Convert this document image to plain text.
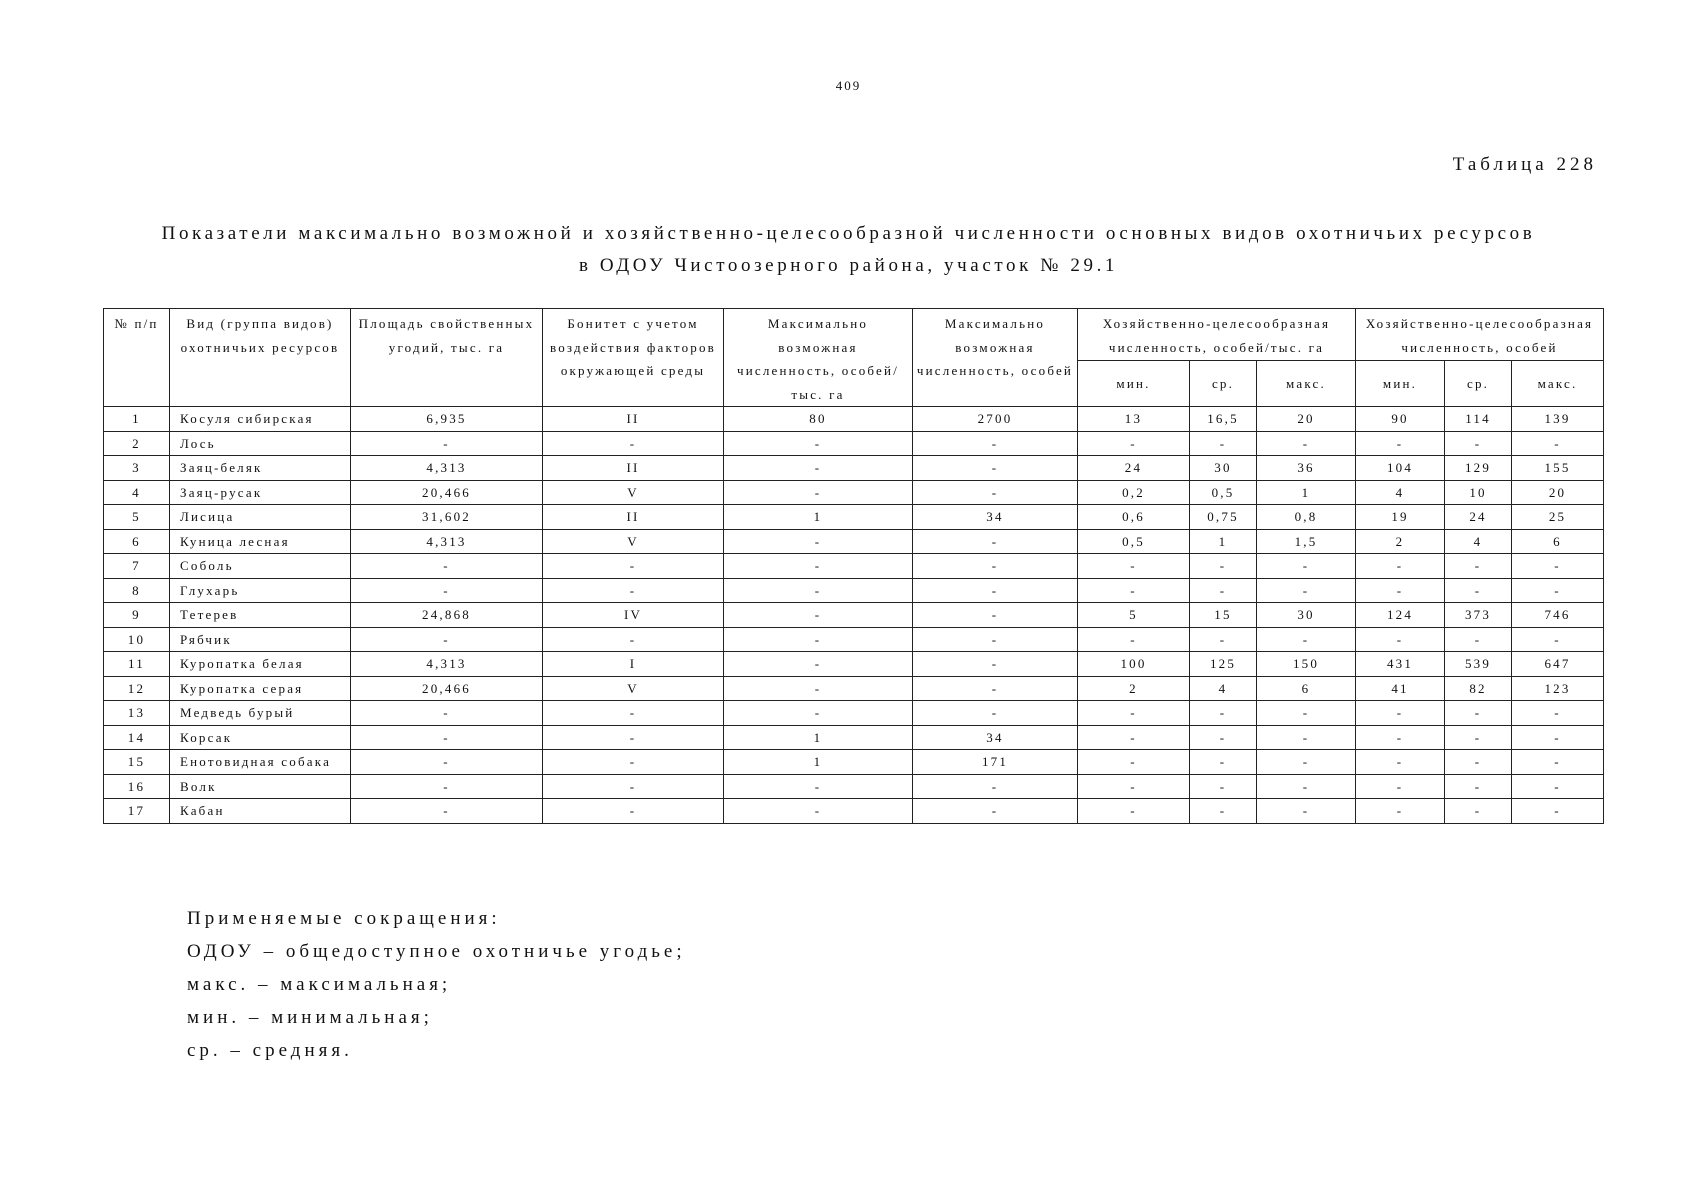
409
Таблица 228
Показатели максимально возможной и хозяйственно-целесообразной численности основных видов охотничьих ресурсов
в ОДОУ Чистоозерного района, участок № 29.1
№ п/п	Вид (группа видов) охотничьих ресурсов	Площадь свойственных угодий, тыс. га	Бонитет с учетом воздействия факторов окружающей среды	Максимально возможная численность, особей/тыс. га	Максимально возможная численность, особей	Хозяйственно-целесообразная численность, особей/тыс. га			Хозяйственно-целесообразная численность, особей		
						мин.	ср.	макс.	мин.	ср.	макс.
1	Косуля сибирская	6,935	II	80	2700	13	16,5	20	90	114	139
2	Лось	-	-	-	-	-	-	-	-	-	-
3	Заяц-беляк	4,313	II	-	-	24	30	36	104	129	155
4	Заяц-русак	20,466	V	-	-	0,2	0,5	1	4	10	20
5	Лисица	31,602	II	1	34	0,6	0,75	0,8	19	24	25
6	Куница лесная	4,313	V	-	-	0,5	1	1,5	2	4	6
7	Соболь	-	-	-	-	-	-	-	-	-	-
8	Глухарь	-	-	-	-	-	-	-	-	-	-
9	Тетерев	24,868	IV	-	-	5	15	30	124	373	746
10	Рябчик	-	-	-	-	-	-	-	-	-	-
11	Куропатка белая	4,313	I	-	-	100	125	150	431	539	647
12	Куропатка серая	20,466	V	-	-	2	4	6	41	82	123
13	Медведь бурый	-	-	-	-	-	-	-	-	-	-
14	Корсак	-	-	1	34	-	-	-	-	-	-
15	Енотовидная собака	-	-	1	171	-	-	-	-	-	-
16	Волк	-	-	-	-	-	-	-	-	-	-
17	Кабан	-	-	-	-	-	-	-	-	-	-
Применяемые сокращения:
ОДОУ – общедоступное охотничье угодье;
макс. – максимальная;
мин. – минимальная;
ср. – средняя.
